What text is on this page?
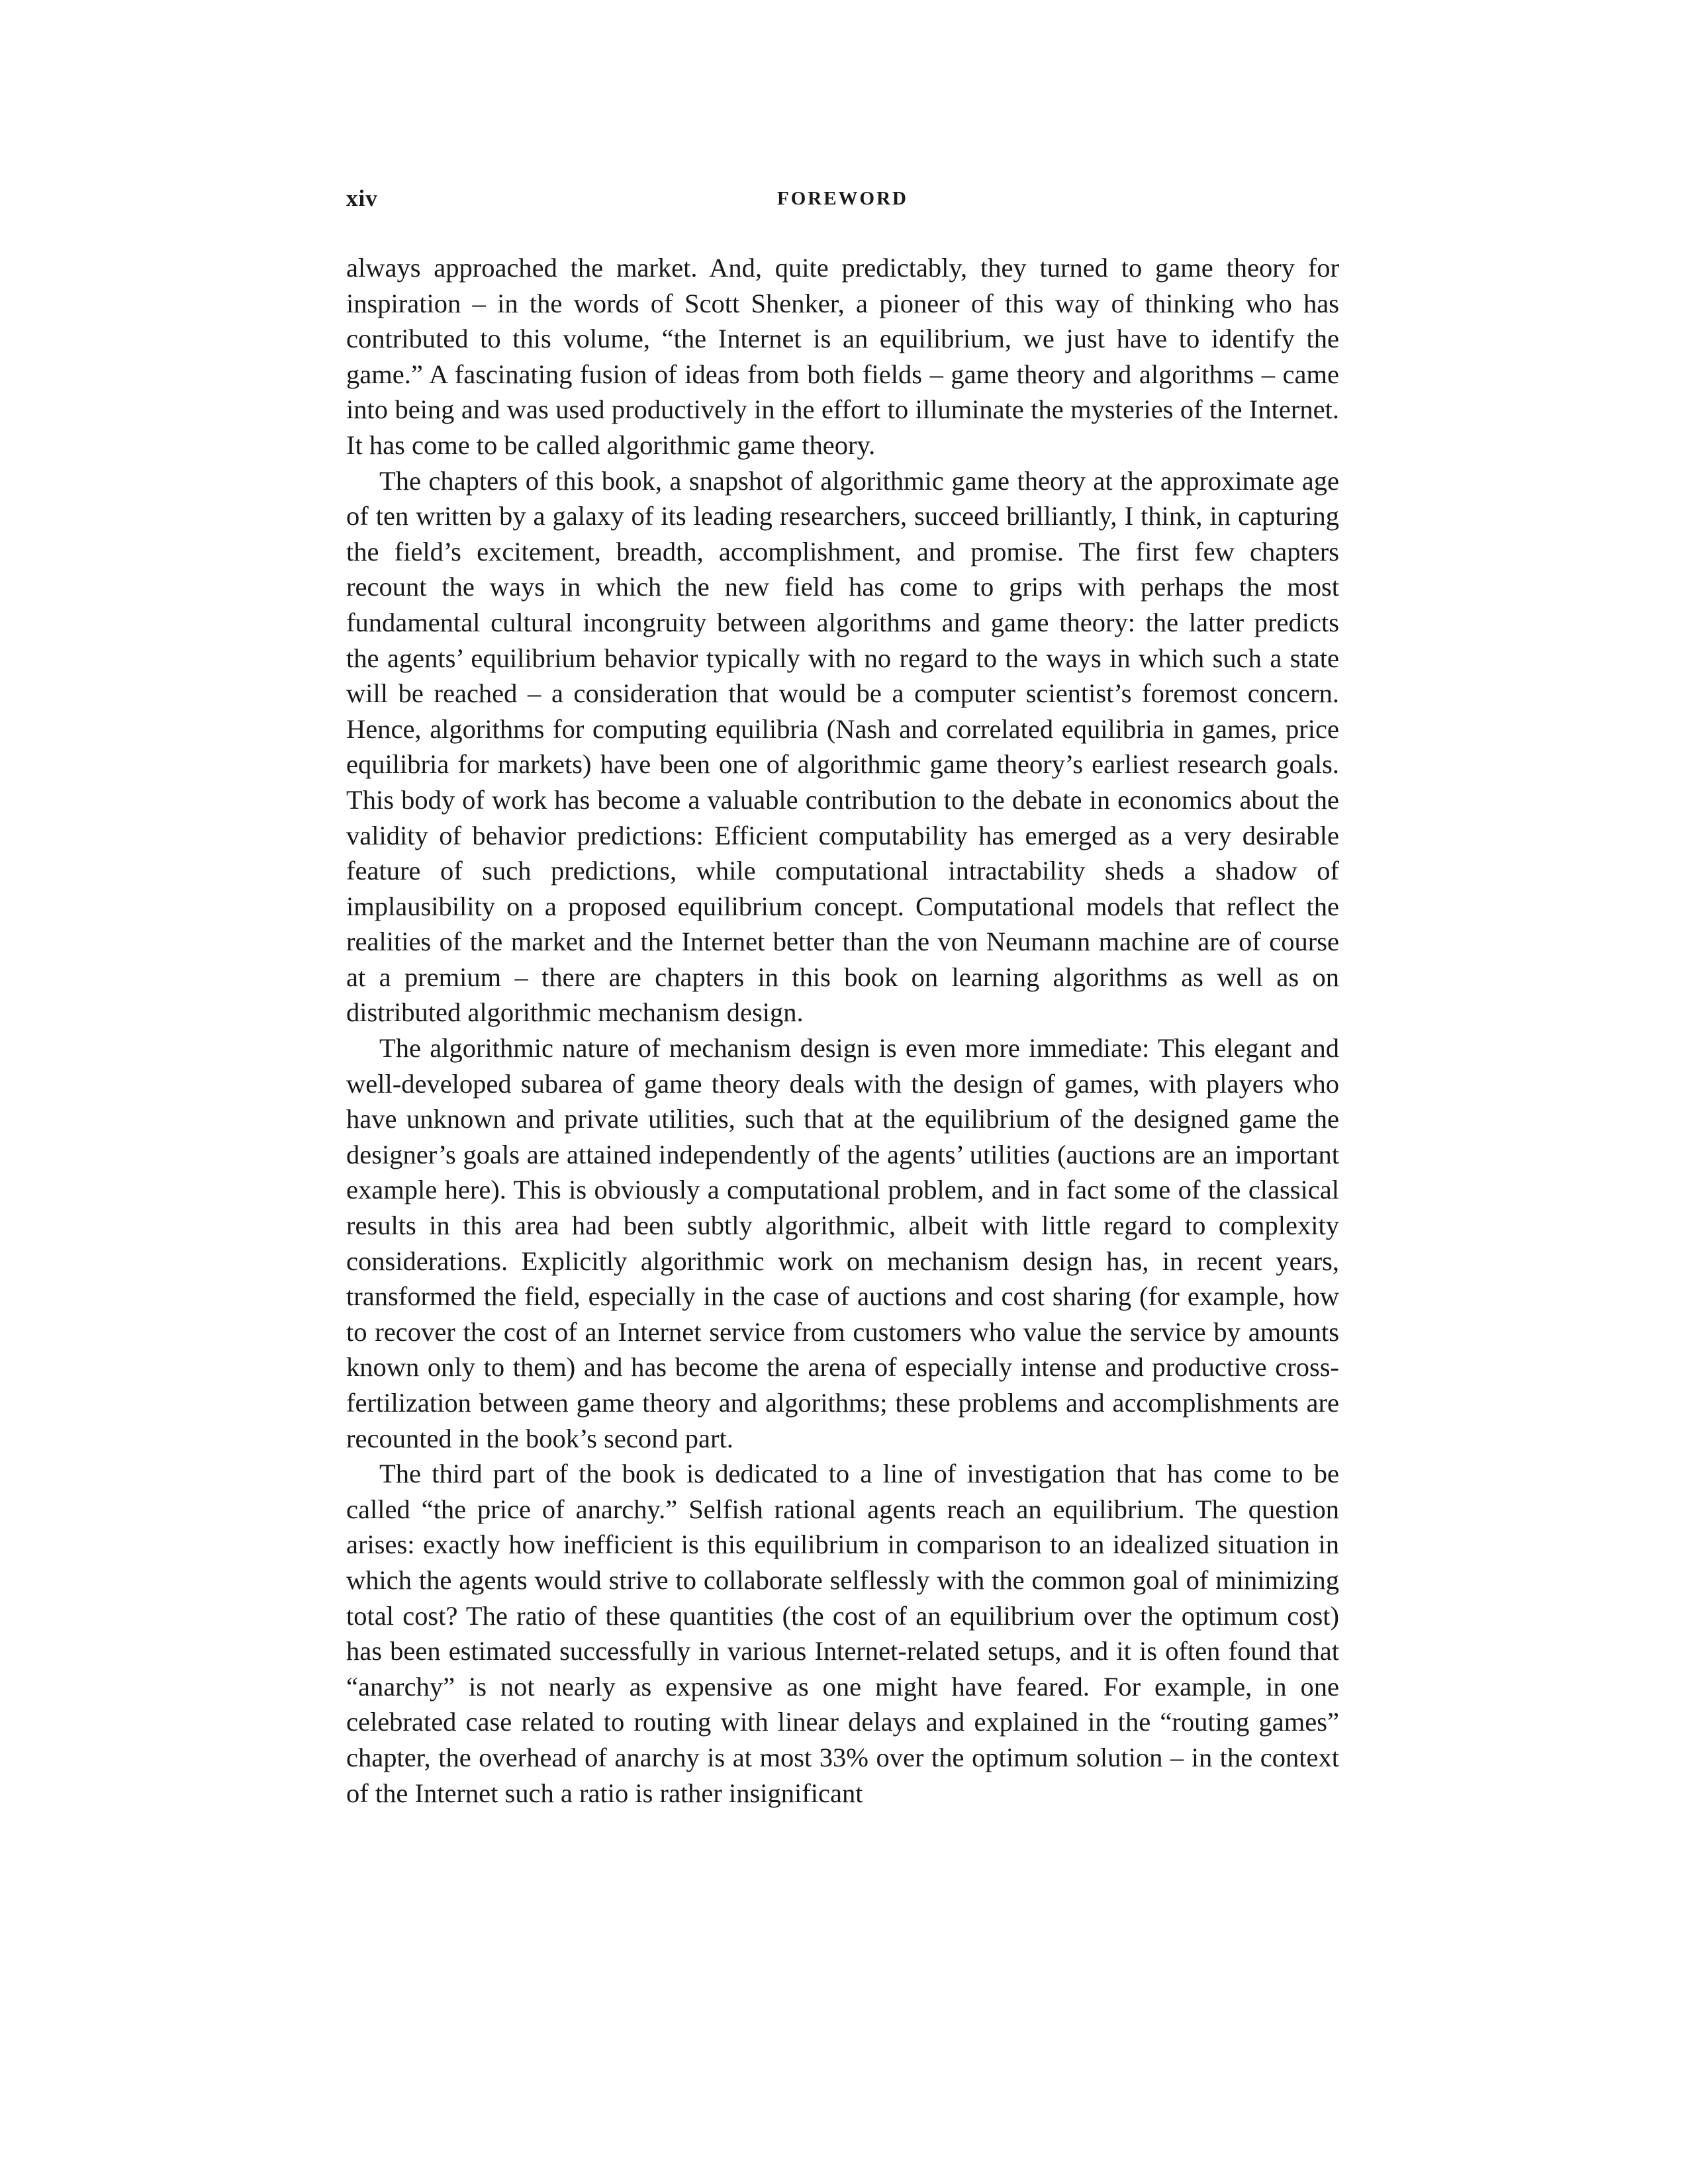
xiv	FOREWORD

always approached the market. And, quite predictably, they turned to game theory for inspiration – in the words of Scott Shenker, a pioneer of this way of thinking who has contributed to this volume, “the Internet is an equilibrium, we just have to identify the game.” A fascinating fusion of ideas from both fields – game theory and algorithms – came into being and was used productively in the effort to illuminate the mysteries of the Internet. It has come to be called algorithmic game theory.

The chapters of this book, a snapshot of algorithmic game theory at the approximate age of ten written by a galaxy of its leading researchers, succeed brilliantly, I think, in capturing the field’s excitement, breadth, accomplishment, and promise. The first few chapters recount the ways in which the new field has come to grips with perhaps the most fundamental cultural incongruity between algorithms and game theory: the latter predicts the agents’ equilibrium behavior typically with no regard to the ways in which such a state will be reached – a consideration that would be a computer scientist’s foremost concern. Hence, algorithms for computing equilibria (Nash and correlated equilibria in games, price equilibria for markets) have been one of algorithmic game theory’s earliest research goals. This body of work has become a valuable contribution to the debate in economics about the validity of behavior predictions: Efficient computability has emerged as a very desirable feature of such predictions, while computational intractability sheds a shadow of implausibility on a proposed equilibrium concept. Computational models that reflect the realities of the market and the Internet better than the von Neumann machine are of course at a premium – there are chapters in this book on learning algorithms as well as on distributed algorithmic mechanism design.

The algorithmic nature of mechanism design is even more immediate: This elegant and well-developed subarea of game theory deals with the design of games, with players who have unknown and private utilities, such that at the equilibrium of the designed game the designer’s goals are attained independently of the agents’ utilities (auctions are an important example here). This is obviously a computational problem, and in fact some of the classical results in this area had been subtly algorithmic, albeit with little regard to complexity considerations. Explicitly algorithmic work on mechanism design has, in recent years, transformed the field, especially in the case of auctions and cost sharing (for example, how to recover the cost of an Internet service from customers who value the service by amounts known only to them) and has become the arena of especially intense and productive cross-fertilization between game theory and algorithms; these problems and accomplishments are recounted in the book’s second part.

The third part of the book is dedicated to a line of investigation that has come to be called “the price of anarchy.” Selfish rational agents reach an equilibrium. The question arises: exactly how inefficient is this equilibrium in comparison to an idealized situation in which the agents would strive to collaborate selflessly with the common goal of minimizing total cost? The ratio of these quantities (the cost of an equilibrium over the optimum cost) has been estimated successfully in various Internet-related setups, and it is often found that “anarchy” is not nearly as expensive as one might have feared. For example, in one celebrated case related to routing with linear delays and explained in the “routing games” chapter, the overhead of anarchy is at most 33% over the optimum solution – in the context of the Internet such a ratio is rather insignificant
